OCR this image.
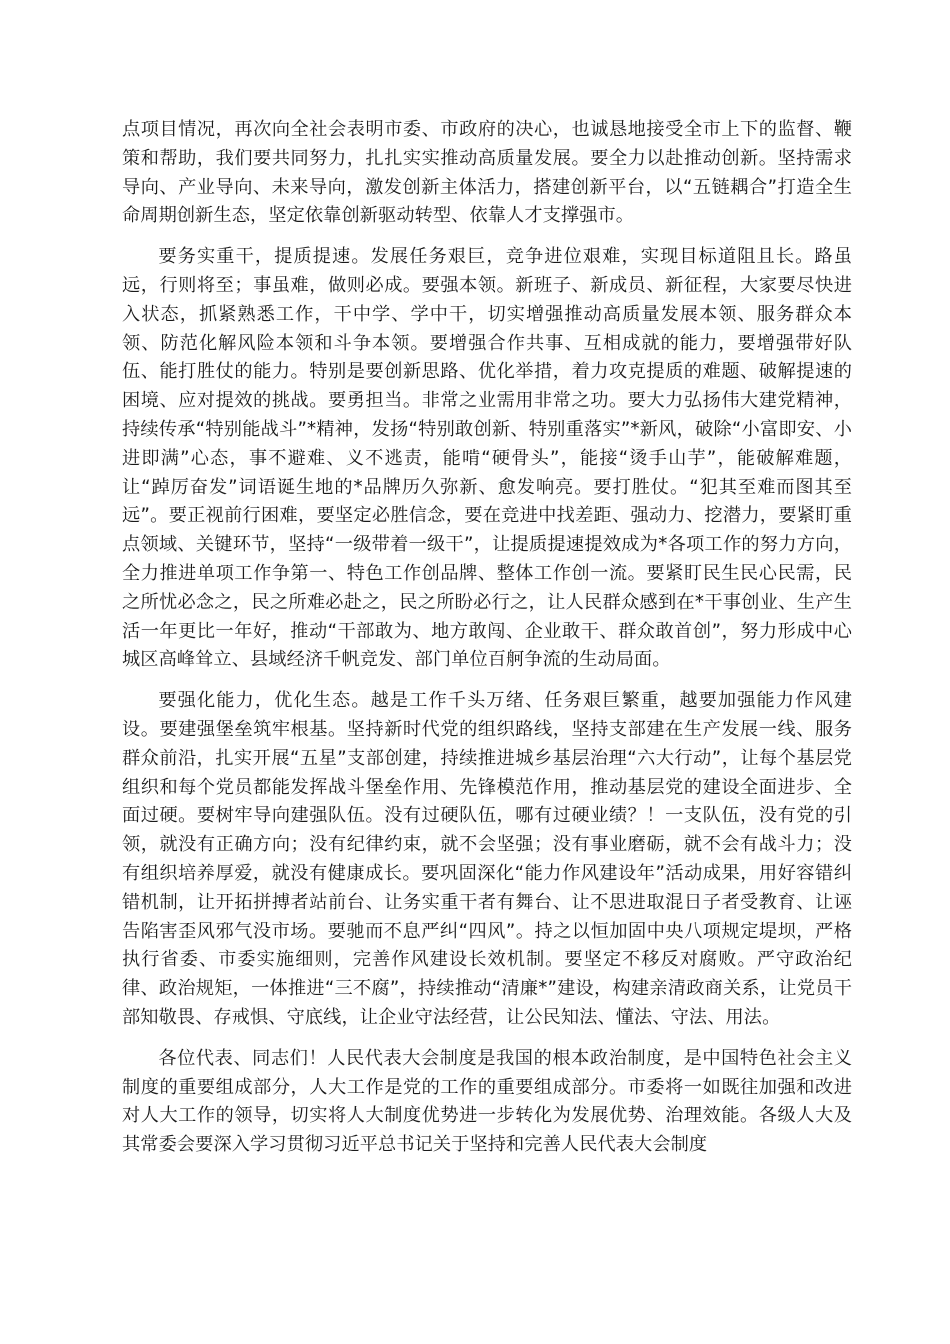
点项目情况，再次向全社会表明市委、市政府的决心，也诚恳地接受全市上下的监督、鞭策和帮助，我们要共同努力，扎扎实实推动高质量发展。要全力以赴推动创新。坚持需求导向、产业导向、未来导向，激发创新主体活力，搭建创新平台，以“五链耦合”打造全生命周期创新生态，坚定依靠创新驱动转型、依靠人才支撑强市。

要务实重干，提质提速。发展任务艰巨，竞争进位艰难，实现目标道阻且长。路虽远，行则将至；事虽难，做则必成。要强本领。新班子、新成员、新征程，大家要尽快进入状态，抓紧熟悉工作，干中学、学中干，切实增强推动高质量发展本领、服务群众本领、防范化解风险本领和斗争本领。要增强合作共事、互相成就的能力，要增强带好队伍、能打胜仗的能力。特别是要创新思路、优化举措，着力攻克提质的难题、破解提速的困境、应对提效的挑战。要勇担当。非常之业需用非常之功。要大力弘扬伟大建党精神，持续传承“特别能战斗”*精神，发扬“特别敢创新、特别重落实”*新风，破除“小富即安、小进即满”心态，事不避难、义不逃责，能啃“硬骨头”，能接“烫手山芋”，能破解难题，让“踔厉奋发”词语诞生地的*品牌历久弥新、愈发响亮。要打胜仗。“犯其至难而图其至远”。要正视前行困难，要坚定必胜信念，要在竞进中找差距、强动力、挖潜力，要紧盯重点领域、关键环节，坚持“一级带着一级干”，让提质提速提效成为*各项工作的努力方向，全力推进单项工作争第一、特色工作创品牌、整体工作创一流。要紧盯民生民心民需，民之所忧必念之，民之所难必赴之，民之所盼必行之，让人民群众感到在*干事创业、生产生活一年更比一年好，推动“干部敢为、地方敢闯、企业敢干、群众敢首创”，努力形成中心城区高峰耸立、县域经济千帆竞发、部门单位百舸争流的生动局面。

要强化能力，优化生态。越是工作千头万绪、任务艰巨繁重，越要加强能力作风建设。要建强堡垒筑牢根基。坚持新时代党的组织路线，坚持支部建在生产发展一线、服务群众前沿，扎实开展“五星”支部创建，持续推进城乡基层治理“六大行动”，让每个基层党组织和每个党员都能发挥战斗堡垒作用、先锋模范作用，推动基层党的建设全面进步、全面过硬。要树牢导向建强队伍。没有过硬队伍，哪有过硬业绩？！一支队伍，没有党的引领，就没有正确方向；没有纪律约束，就不会坚强；没有事业磨砺，就不会有战斗力；没有组织培养厚爱，就没有健康成长。要巩固深化“能力作风建设年”活动成果，用好容错纠错机制，让开拓拼搏者站前台、让务实重干者有舞台、让不思进取混日子者受教育、让诬告陷害歪风邪气没市场。要驰而不息严纠“四风”。持之以恒加固中央八项规定堤坝，严格执行省委、市委实施细则，完善作风建设长效机制。要坚定不移反对腐败。严守政治纪律、政治规矩，一体推进“三不腐”，持续推动“清廉*”建设，构建亲清政商关系，让党员干部知敬畏、存戒惧、守底线，让企业守法经营，让公民知法、懂法、守法、用法。

各位代表、同志们！人民代表大会制度是我国的根本政治制度，是中国特色社会主义制度的重要组成部分，人大工作是党的工作的重要组成部分。市委将一如既往加强和改进对人大工作的领导，切实将人大制度优势进一步转化为发展优势、治理效能。各级人大及其常委会要深入学习贯彻习近平总书记关于坚持和完善人民代表大会制度
